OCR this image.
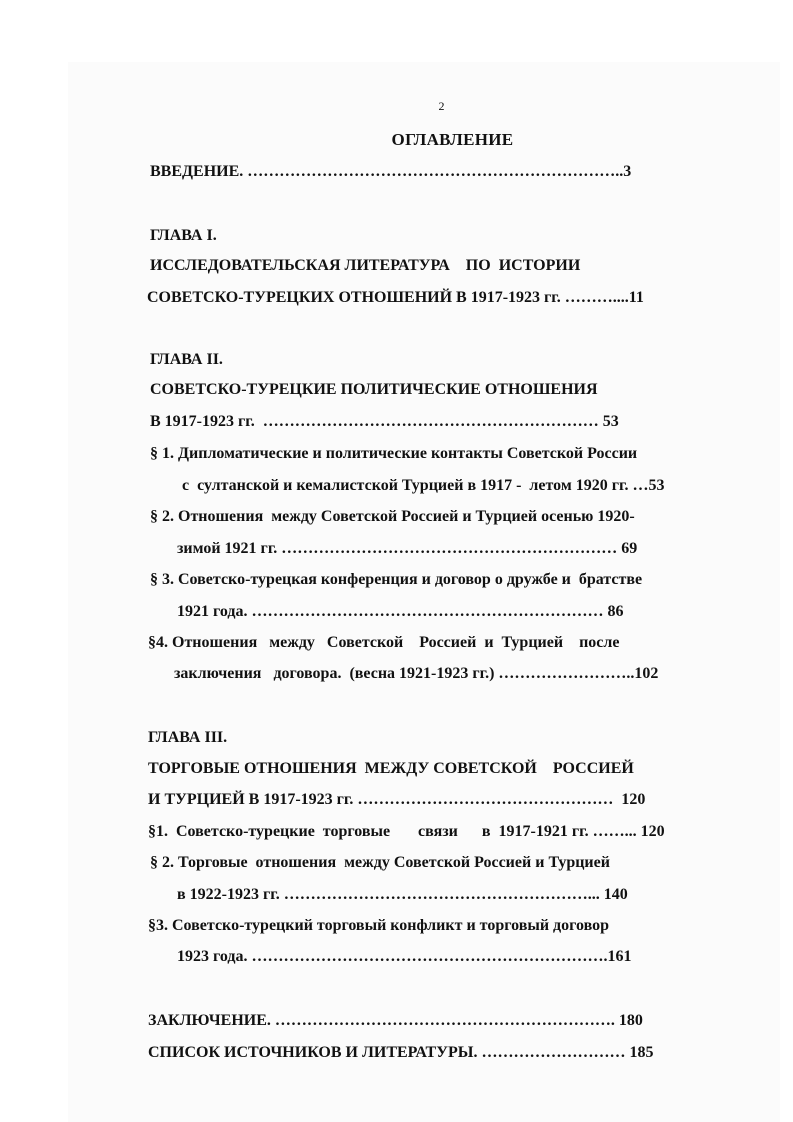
2
ОГЛАВЛЕНИЕ

ВВЕДЕНИЕ. ……………………………………………………………..3

ГЛАВА I.

ИССЛЕДОВАТЕЛЬСКАЯ ЛИТЕРАТУРА    ПО  ИСТОРИИ

СОВЕТСКО-ТУРЕЦКИХ ОТНОШЕНИЙ В 1917-1923 гг. ………....11

ГЛАВА II.

СОВЕТСКО-ТУРЕЦКИЕ ПОЛИТИЧЕСКИЕ ОТНОШЕНИЯ

В 1917-1923 гг.  ……………………………………………………… 53

§ 1. Дипломатические и политические контакты Советской России

с  султанской и кемалистской Турцией в 1917 -  летом 1920 гг. …53

§ 2. Отношения  между Советской Россией и Турцией осенью 1920-

зимой 1921 гг. ……………………………………………………… 69

§ 3. Советско-турецкая конференция и договор о дружбе и  братстве

1921 года. ………………………………………………………… 86

§4. Отношения   между   Советской    Россией  и  Турцией    после

заключения   договора.  (весна 1921-1923 гг.) ……………………..102

ГЛАВА III.

ТОРГОВЫЕ ОТНОШЕНИЯ  МЕЖДУ СОВЕТСКОЙ    РОССИЕЙ

И ТУРЦИЕЙ В 1917-1923 гг. …………………………………………  120

§1.  Советско-турецкие  торговые       связи      в  1917-1921 гг. ……... 120

§ 2. Торговые  отношения  между Советской Россией и Турцией

в 1922-1923 гг. …………………………………………………... 140

§3. Советско-турецкий торговый конфликт и торговый договор

1923 года. ………………………………………………………….161

ЗАКЛЮЧЕНИЕ. ………………………………………………………. 180

СПИСОК ИСТОЧНИКОВ И ЛИТЕРАТУРЫ. ……………………… 185
